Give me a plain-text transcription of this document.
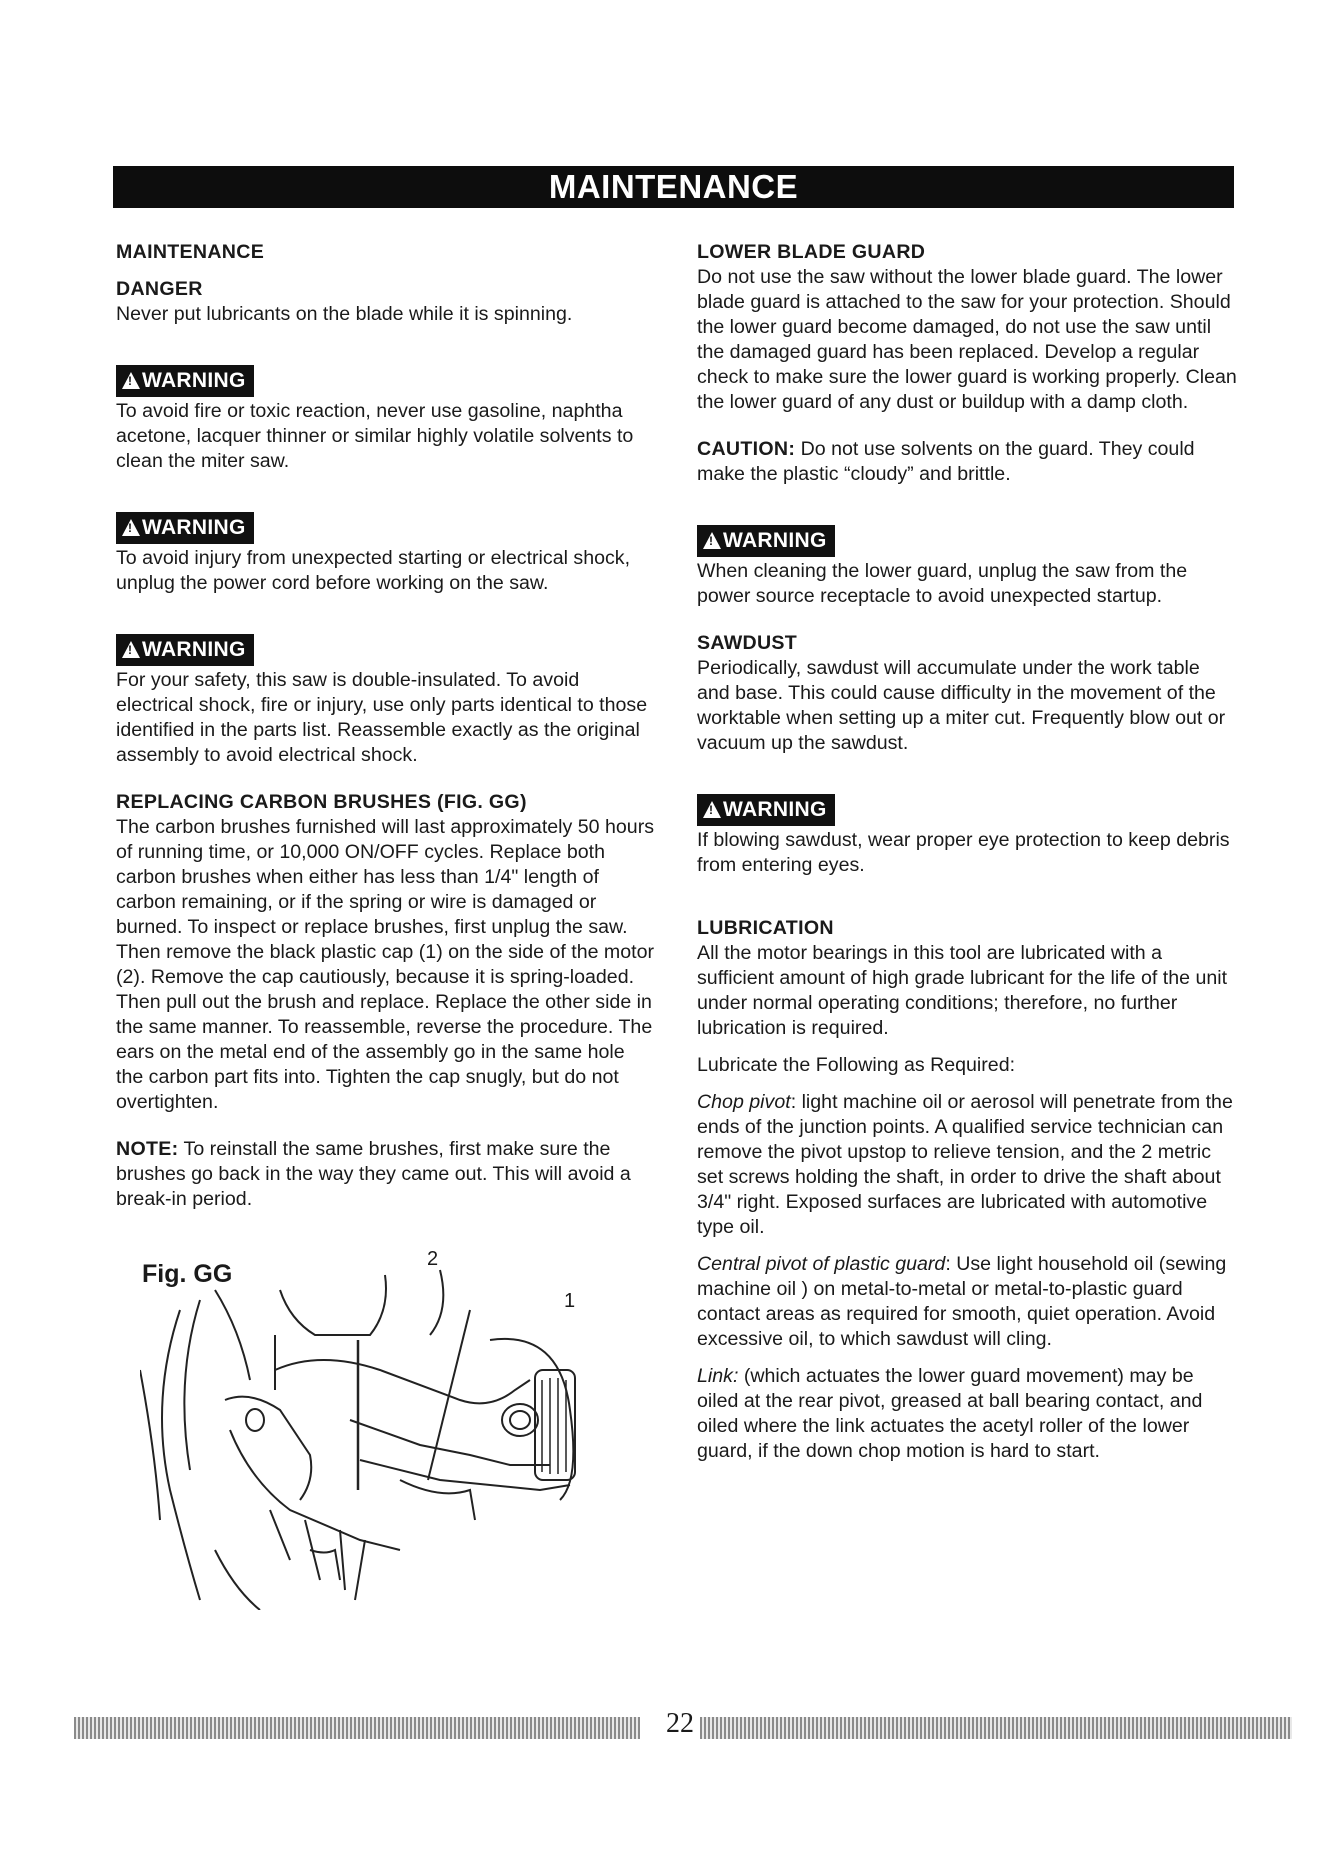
MAINTENANCE

MAINTENANCE

DANGER

Never put lubricants on the blade while it is spinning.

!WARNING

To avoid fire or toxic reaction, never use gasoline, naphtha acetone, lacquer thinner or similar highly volatile solvents to clean the miter saw.

!WARNING

To avoid injury from unexpected starting or electrical shock, unplug the power cord before working on the saw.

!WARNING

For your safety, this saw is double-insulated. To avoid electrical shock, fire or injury, use only parts identical to those identified in the parts list. Reassemble exactly as the original assembly to avoid electrical shock.

REPLACING CARBON BRUSHES (FIG. GG)

The carbon brushes furnished will last approximately 50 hours of running time, or 10,000 ON/OFF cycles. Replace both carbon brushes when either has less than 1/4" length of carbon remaining, or if the spring or wire is damaged or burned. To inspect or replace brushes, first unplug the saw. Then remove the black plastic cap (1) on the side of the motor (2). Remove the cap cautiously, because it is spring-loaded. Then pull out the brush and replace. Replace the other side in the same manner. To reassemble, reverse the procedure. The ears on the metal end of the assembly go in the same hole the carbon part fits into. Tighten the cap snugly, but do not overtighten.

NOTE: To reinstall the same brushes, first make sure the brushes go back in the way they came out. This will avoid a break-in period.

Fig. GG
2
1

LOWER BLADE GUARD

Do not use the saw without the lower blade guard. The lower blade guard is attached to the saw for your protection. Should the lower guard become damaged, do not use the saw until the damaged guard has been replaced. Develop a regular check to make sure the lower guard is working properly. Clean the lower guard of any dust or buildup with a damp cloth.

CAUTION: Do not use solvents on the guard. They could make the plastic “cloudy” and brittle.

!WARNING

When cleaning the lower guard, unplug the saw from the power source receptacle to avoid unexpected startup.

SAWDUST

Periodically, sawdust will accumulate under the work table and base. This could cause difficulty in the movement of the worktable when setting up a miter cut. Frequently blow out or vacuum up the sawdust.

!WARNING

If blowing sawdust, wear proper eye protection to keep debris from entering eyes.

LUBRICATION

All the motor bearings in this tool are lubricated with a sufficient amount of high grade lubricant for the life of the unit under normal operating conditions; therefore, no further lubrication is required.

Lubricate the Following as Required:

Chop pivot: light machine oil or aerosol will penetrate from the ends of the junction points. A qualified service technician can remove the pivot upstop to relieve tension, and the 2 metric set screws holding the shaft, in order to drive the shaft about 3/4" right. Exposed surfaces are lubricated with automotive type oil.

Central pivot of plastic guard: Use light household oil (sewing machine oil ) on metal-to-metal or metal-to-plastic guard contact areas as required for smooth, quiet operation. Avoid excessive oil, to which sawdust will cling.

Link: (which actuates the lower guard movement) may be oiled at the rear pivot, greased at ball bearing contact, and oiled where the link actuates the acetyl roller of the lower guard, if the down chop motion is hard to start.

22
